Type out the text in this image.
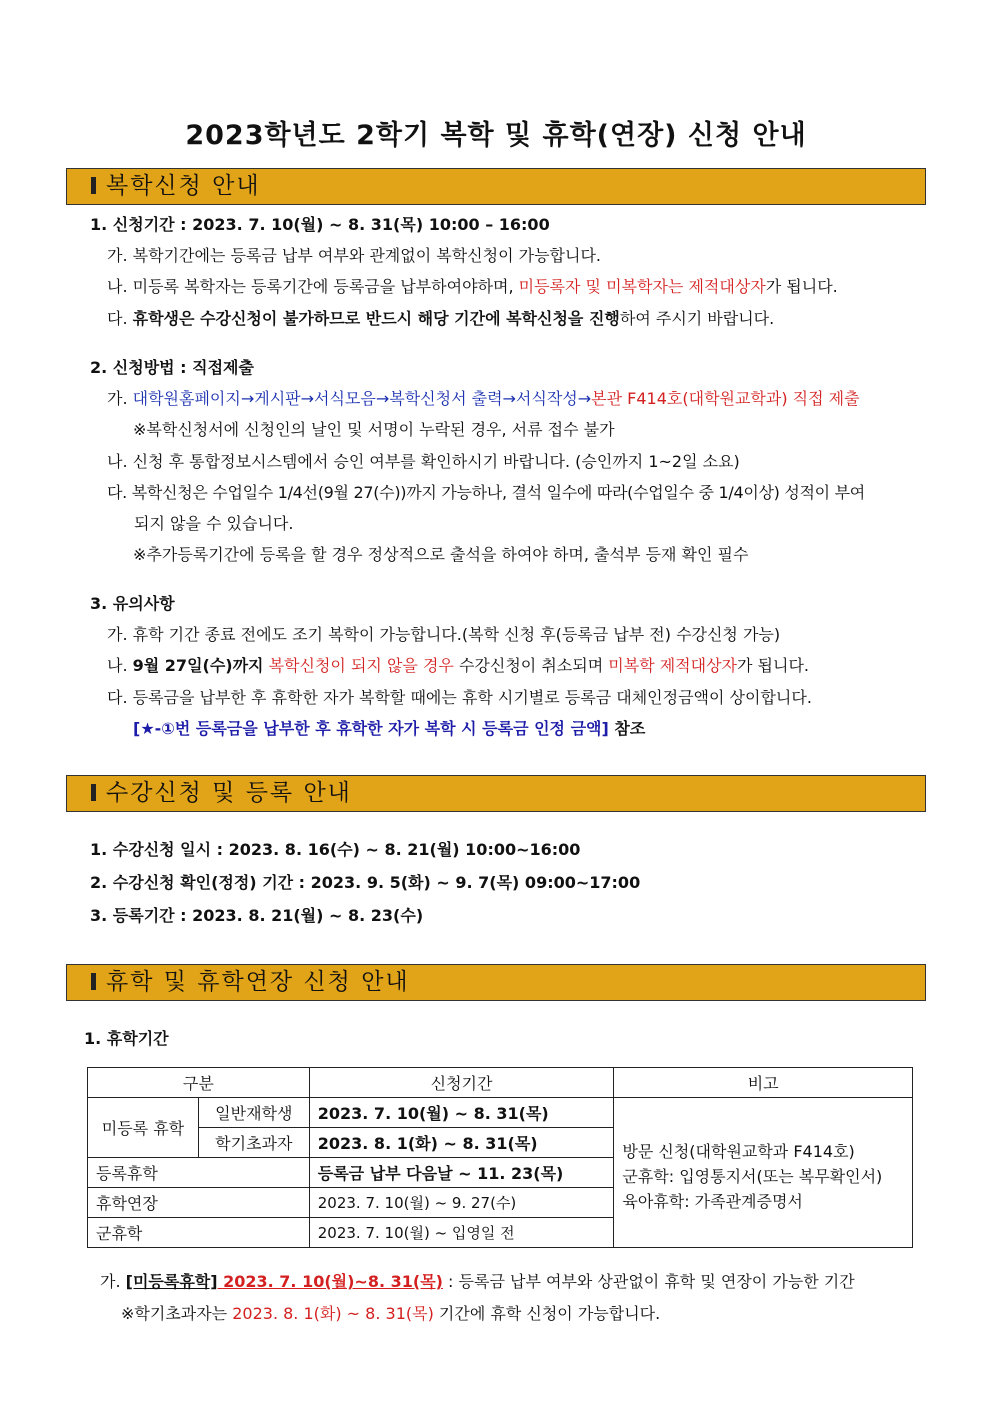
2023학년도 2학기 복학 및 휴학(연장) 신청 안내
복학신청 안내
1. 신청기간 : 2023. 7. 10(월) ~ 8. 31(목) 10:00 – 16:00
가. 복학기간에는 등록금 납부 여부와 관계없이 복학신청이 가능합니다.
나. 미등록 복학자는 등록기간에 등록금을 납부하여야하며, 미등록자 및 미복학자는 제적대상자가 됩니다.
다. 휴학생은 수강신청이 불가하므로 반드시 해당 기간에 복학신청을 진행하여 주시기 바랍니다.
2. 신청방법 : 직접제출
가. 대학원홈페이지→게시판→서식모음→복학신청서 출력→서식작성→본관 F414호(대학원교학과) 직접 제출
※복학신청서에 신청인의 날인 및 서명이 누락된 경우, 서류 접수 불가
나. 신청 후 통합정보시스템에서 승인 여부를 확인하시기 바랍니다. (승인까지 1~2일 소요)
다. 복학신청은 수업일수 1/4선(9월 27(수))까지 가능하나, 결석 일수에 따라(수업일수 중 1/4이상) 성적이 부여
되지 않을 수 있습니다.
※추가등록기간에 등록을 할 경우 정상적으로 출석을 하여야 하며, 출석부 등재 확인 필수
3. 유의사항
가. 휴학 기간 종료 전에도 조기 복학이 가능합니다.(복학 신청 후(등록금 납부 전) 수강신청 가능)
나. 9월 27일(수)까지 복학신청이 되지 않을 경우 수강신청이 취소되며 미복학 제적대상자가 됩니다.
다. 등록금을 납부한 후 휴학한 자가 복학할 때에는 휴학 시기별로 등록금 대체인정금액이 상이합니다.
[★-①번 등록금을 납부한 후 휴학한 자가 복학 시 등록금 인정 금액] 참조
수강신청 및 등록 안내
1. 수강신청 일시 : 2023. 8. 16(수) ~ 8. 21(월) 10:00~16:00
2. 수강신청 확인(정정) 기간 : 2023. 9. 5(화) ~ 9. 7(목) 09:00~17:00
3. 등록기간 : 2023. 8. 21(월) ~ 8. 23(수)
휴학 및 휴학연장 신청 안내
1. 휴학기간
구분		신청기간	비고
미등록 휴학	일반재학생	2023. 7. 10(월) ~ 8. 31(목)	방문 신청(대학원교학과 F414호)
군휴학: 입영통지서(또는 복무확인서)
육아휴학: 가족관계증명서

	학기초과자	2023. 8. 1(화) ~ 8. 31(목)	
등록휴학		등록금 납부 다음날 ~ 11. 23(목)	
휴학연장		2023. 7. 10(월) ~ 9. 27(수)	
군휴학		2023. 7. 10(월) ~ 입영일 전	
가. [미등록휴학] 2023. 7. 10(월)~8. 31(목) : 등록금 납부 여부와 상관없이 휴학 및 연장이 가능한 기간
※학기초과자는 2023. 8. 1(화) ~ 8. 31(목) 기간에 휴학 신청이 가능합니다.
